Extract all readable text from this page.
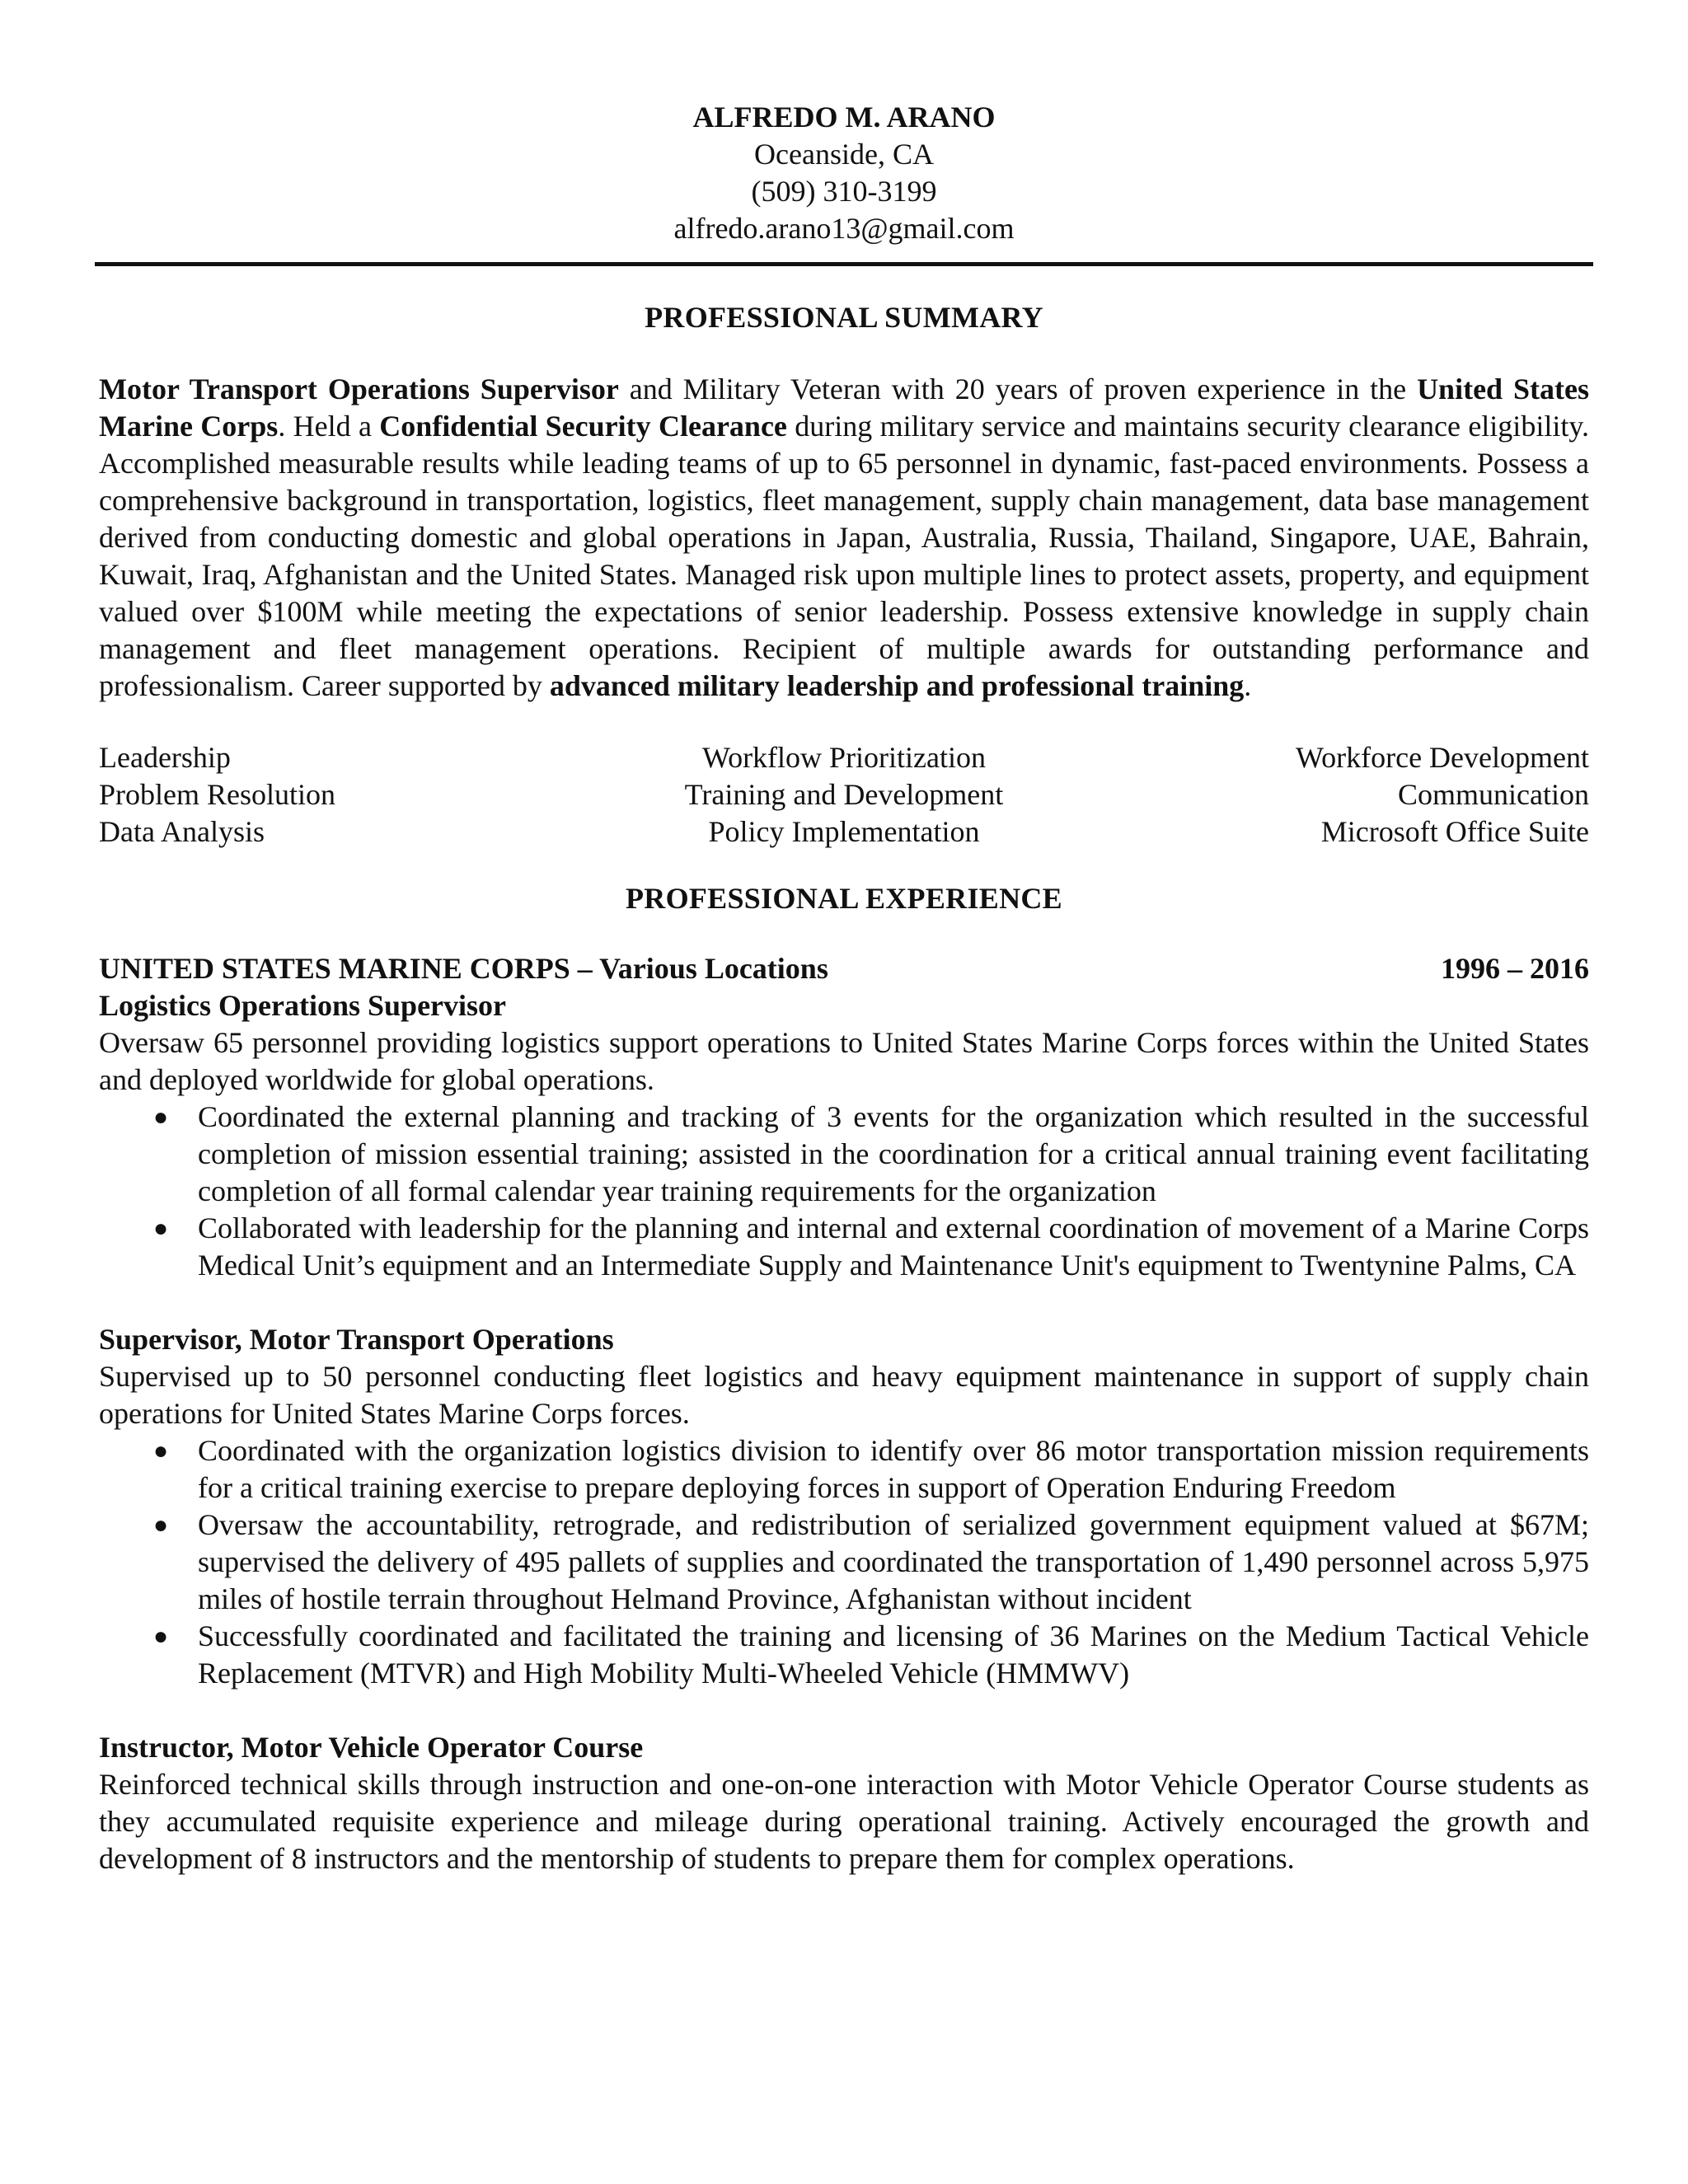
ALFREDO M. ARANO
Oceanside, CA
(509) 310-3199
alfredo.arano13@gmail.com
PROFESSIONAL SUMMARY
Motor Transport Operations Supervisor and Military Veteran with 20 years of proven experience in the United States Marine Corps. Held a Confidential Security Clearance during military service and maintains security clearance eligibility. Accomplished measurable results while leading teams of up to 65 personnel in dynamic, fast-paced environments. Possess a comprehensive background in transportation, logistics, fleet management, supply chain management, data base management derived from conducting domestic and global operations in Japan, Australia, Russia, Thailand, Singapore, UAE, Bahrain, Kuwait, Iraq, Afghanistan and the United States. Managed risk upon multiple lines to protect assets, property, and equipment valued over $100M while meeting the expectations of senior leadership. Possess extensive knowledge in supply chain management and fleet management operations. Recipient of multiple awards for outstanding performance and professionalism. Career supported by advanced military leadership and professional training.
Leadership	Workflow Prioritization	Workforce Development
Problem Resolution	Training and Development	Communication
Data Analysis	Policy Implementation	Microsoft Office Suite
PROFESSIONAL EXPERIENCE
UNITED STATES MARINE CORPS – Various Locations	1996 – 2016
Logistics Operations Supervisor
Oversaw 65 personnel providing logistics support operations to United States Marine Corps forces within the United States and deployed worldwide for global operations.
● Coordinated the external planning and tracking of 3 events for the organization which resulted in the successful completion of mission essential training; assisted in the coordination for a critical annual training event facilitating completion of all formal calendar year training requirements for the organization
● Collaborated with leadership for the planning and internal and external coordination of movement of a Marine Corps Medical Unit’s equipment and an Intermediate Supply and Maintenance Unit's equipment to Twentynine Palms, CA
Supervisor, Motor Transport Operations
Supervised up to 50 personnel conducting fleet logistics and heavy equipment maintenance in support of supply chain operations for United States Marine Corps forces.
● Coordinated with the organization logistics division to identify over 86 motor transportation mission requirements for a critical training exercise to prepare deploying forces in support of Operation Enduring Freedom
● Oversaw the accountability, retrograde, and redistribution of serialized government equipment valued at $67M; supervised the delivery of 495 pallets of supplies and coordinated the transportation of 1,490 personnel across 5,975 miles of hostile terrain throughout Helmand Province, Afghanistan without incident
● Successfully coordinated and facilitated the training and licensing of 36 Marines on the Medium Tactical Vehicle Replacement (MTVR) and High Mobility Multi-Wheeled Vehicle (HMMWV)
Instructor, Motor Vehicle Operator Course
Reinforced technical skills through instruction and one-on-one interaction with Motor Vehicle Operator Course students as they accumulated requisite experience and mileage during operational training. Actively encouraged the growth and development of 8 instructors and the mentorship of students to prepare them for complex operations.
